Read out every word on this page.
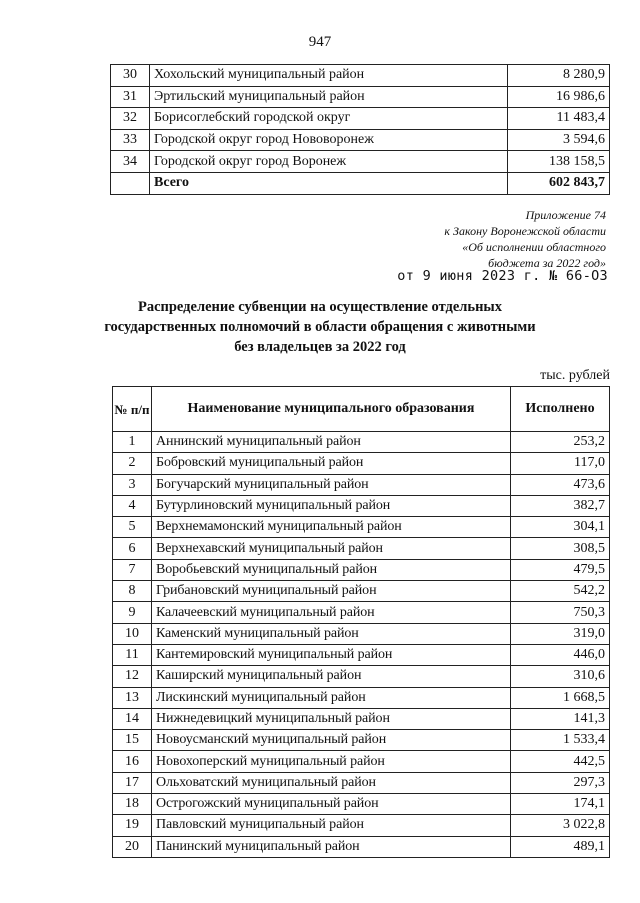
947
30	Хохольский муниципальный район	8 280,9
31	Эртильский муниципальный район	16 986,6
32	Борисоглебский городской округ	11 483,4
33	Городской округ город Нововоронеж	3 594,6
34	Городской округ город Воронеж	138 158,5
	Всего	602 843,7
Приложение 74
к Закону Воронежской области
«Об исполнении областного
бюджета за 2022 год»
от 9 июня 2023 г. № 66-ОЗ
Распределение субвенции на осуществление отдельных
государственных полномочий в области обращения с животными
без владельцев за 2022 год
тыс. рублей
№ п/п	Наименование муниципального образования	Исполнено
1	Аннинский муниципальный район	253,2
2	Бобровский муниципальный район	117,0
3	Богучарский муниципальный район	473,6
4	Бутурлиновский муниципальный район	382,7
5	Верхнемамонский муниципальный район	304,1
6	Верхнехавский муниципальный район	308,5
7	Воробьевский муниципальный район	479,5
8	Грибановский муниципальный район	542,2
9	Калачеевский муниципальный район	750,3
10	Каменский муниципальный район	319,0
11	Кантемировский муниципальный район	446,0
12	Каширский муниципальный район	310,6
13	Лискинский муниципальный район	1 668,5
14	Нижнедевицкий муниципальный район	141,3
15	Новоусманский муниципальный район	1 533,4
16	Новохоперский муниципальный район	442,5
17	Ольховатский муниципальный район	297,3
18	Острогожский муниципальный район	174,1
19	Павловский муниципальный район	3 022,8
20	Панинский муниципальный район	489,1
